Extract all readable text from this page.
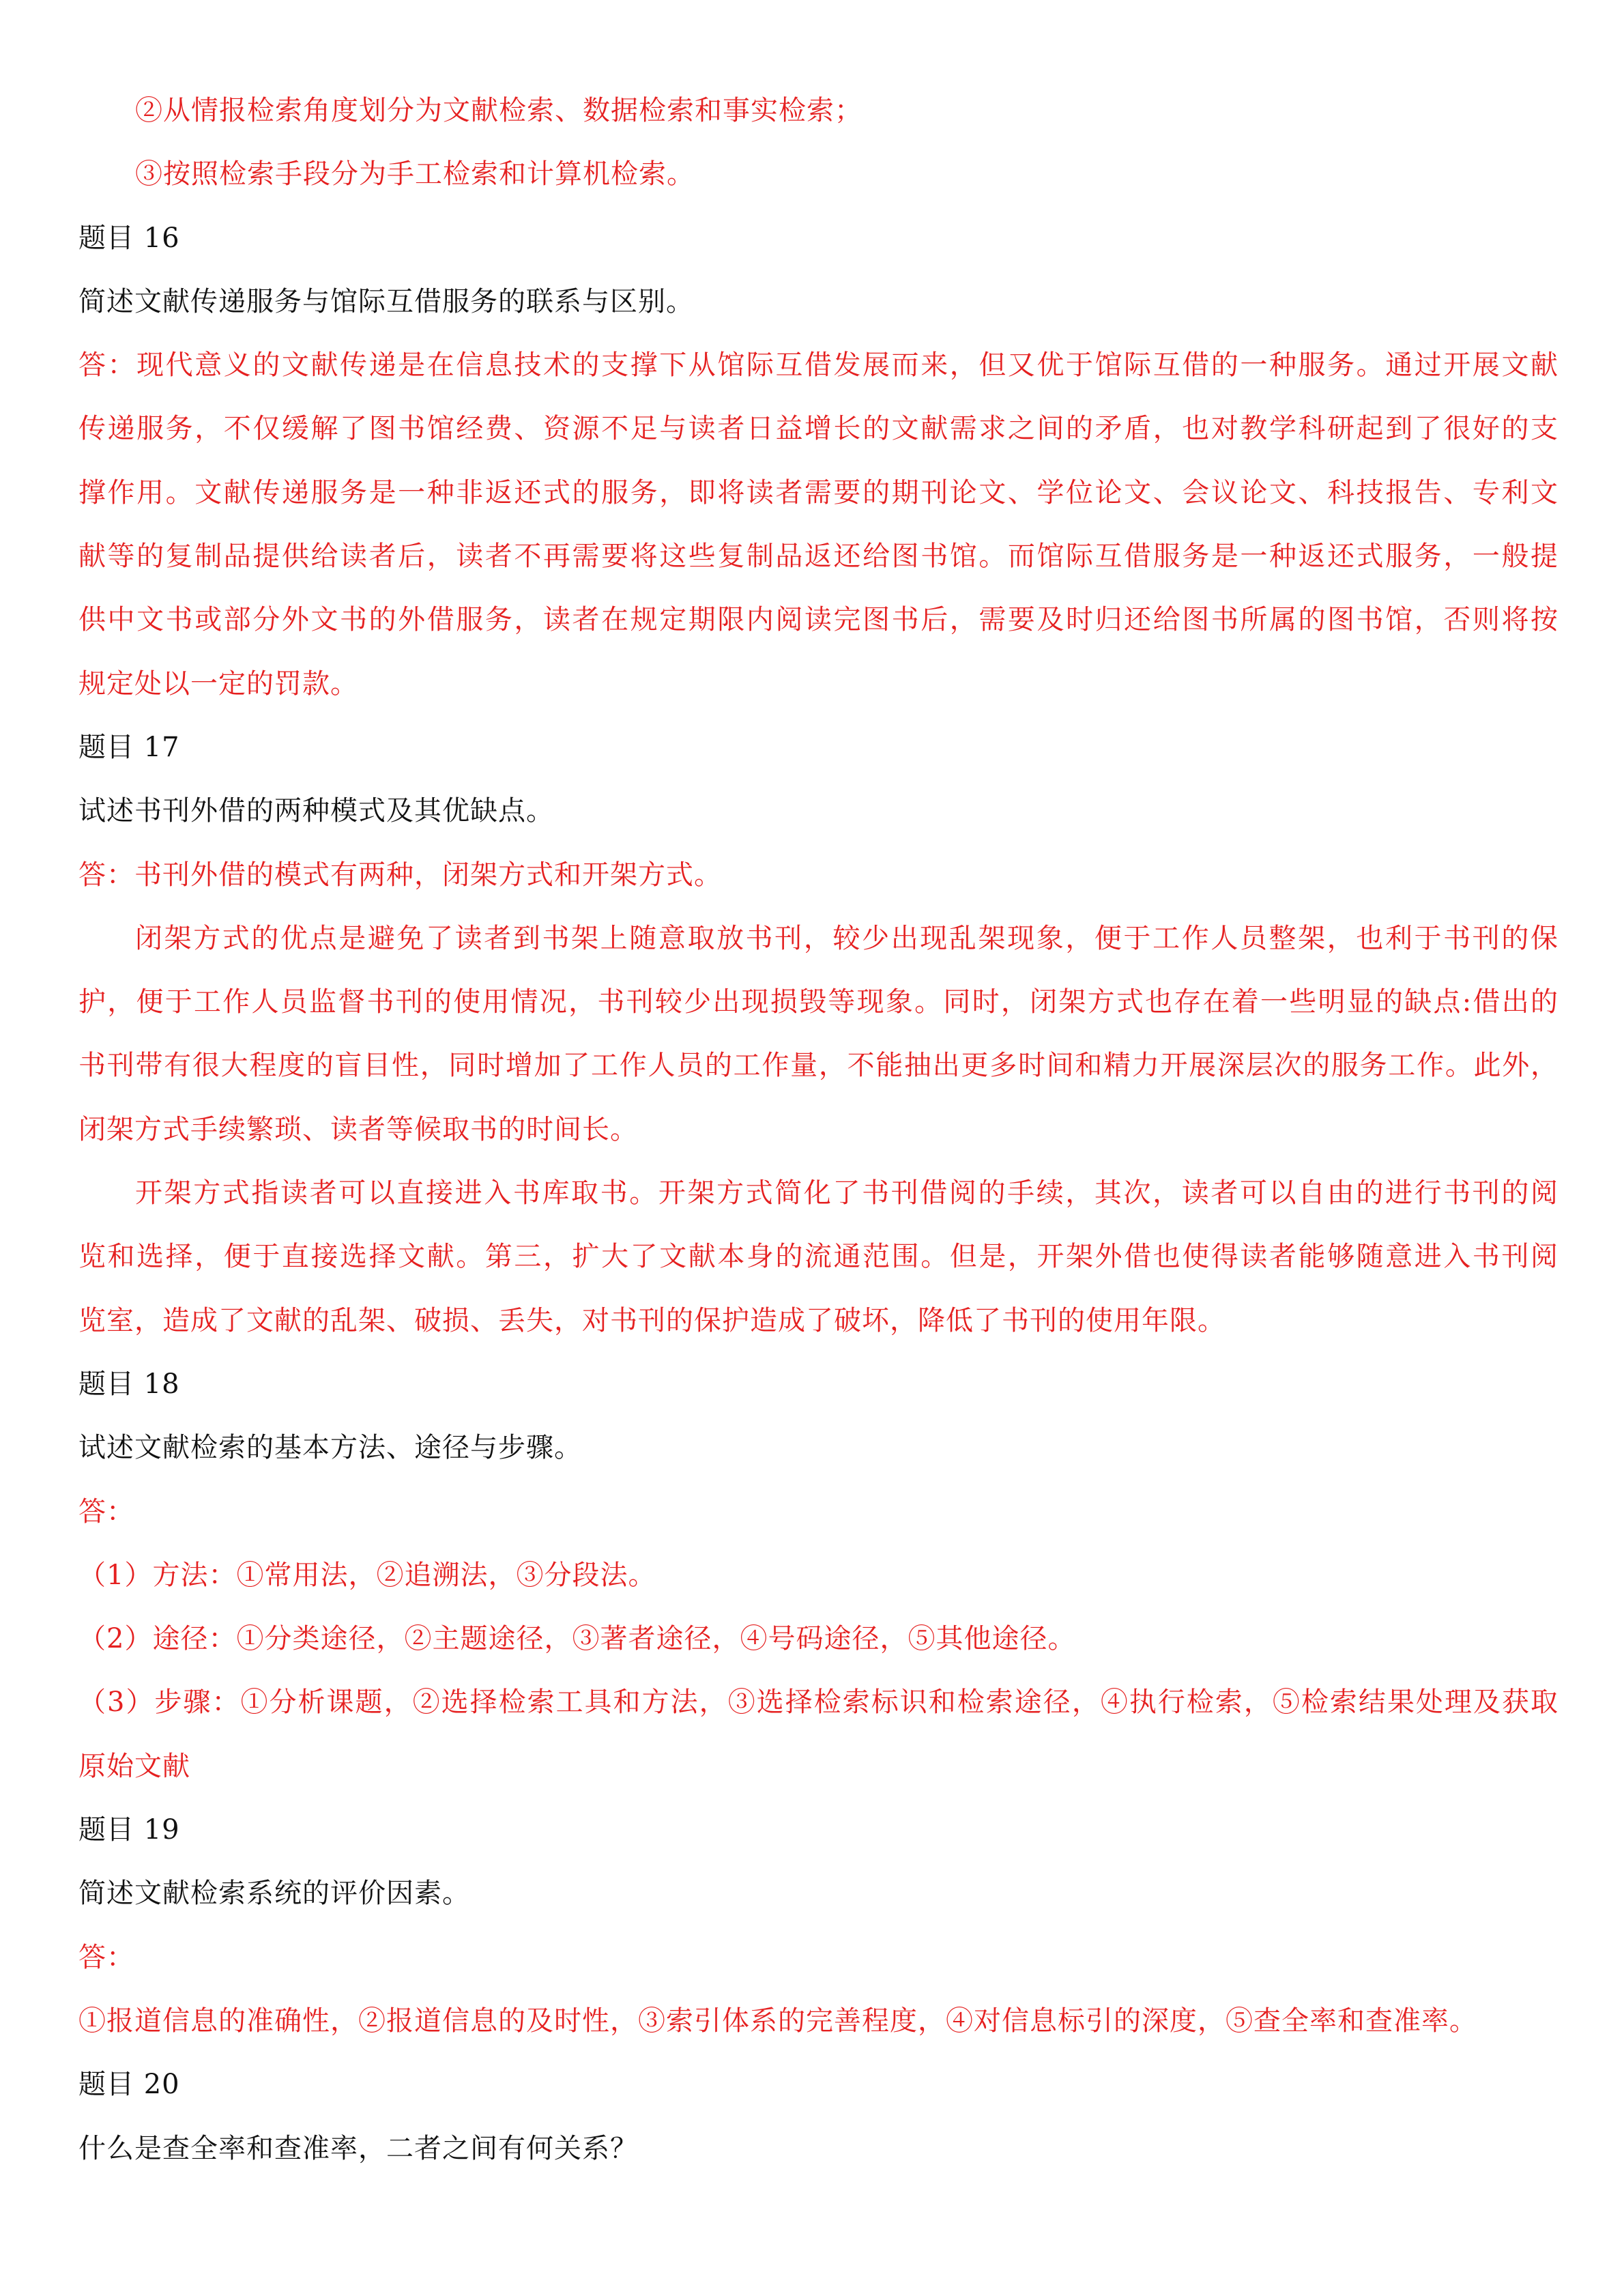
②从情报检索角度划分为文献检索、数据检索和事实检索；
③按照检索手段分为手工检索和计算机检索。
题目 16
简述文献传递服务与馆际互借服务的联系与区别。
答：现代意义的文献传递是在信息技术的支撑下从馆际互借发展而来，但又优于馆际互借的一种服务。通过开展文献
传递服务，不仅缓解了图书馆经费、资源不足与读者日益增长的文献需求之间的矛盾，也对教学科研起到了很好的支
撑作用。文献传递服务是一种非返还式的服务，即将读者需要的期刊论文、学位论文、会议论文、科技报告、专利文
献等的复制品提供给读者后，读者不再需要将这些复制品返还给图书馆。而馆际互借服务是一种返还式服务，一般提
供中文书或部分外文书的外借服务，读者在规定期限内阅读完图书后，需要及时归还给图书所属的图书馆，否则将按
规定处以一定的罚款。
题目 17
试述书刊外借的两种模式及其优缺点。
答：书刊外借的模式有两种，闭架方式和开架方式。
闭架方式的优点是避免了读者到书架上随意取放书刊，较少出现乱架现象，便于工作人员整架，也利于书刊的保
护，便于工作人员监督书刊的使用情况，书刊较少出现损毁等现象。同时，闭架方式也存在着一些明显的缺点:借出的
书刊带有很大程度的盲目性，同时增加了工作人员的工作量，不能抽出更多时间和精力开展深层次的服务工作。此外，
闭架方式手续繁琐、读者等候取书的时间长。
开架方式指读者可以直接进入书库取书。开架方式简化了书刊借阅的手续，其次，读者可以自由的进行书刊的阅
览和选择，便于直接选择文献。第三，扩大了文献本身的流通范围。但是，开架外借也使得读者能够随意进入书刊阅
览室，造成了文献的乱架、破损、丢失，对书刊的保护造成了破坏，降低了书刊的使用年限。
题目 18
试述文献检索的基本方法、途径与步骤。
答：
（1）方法：①常用法，②追溯法，③分段法。
（2）途径：①分类途径，②主题途径，③著者途径，④号码途径，⑤其他途径。
（3）步骤：①分析课题，②选择检索工具和方法，③选择检索标识和检索途径，④执行检索，⑤检索结果处理及获取
原始文献
题目 19
简述文献检索系统的评价因素。
答：
①报道信息的准确性，②报道信息的及时性，③索引体系的完善程度，④对信息标引的深度，⑤查全率和查准率。
题目 20
什么是查全率和查准率，二者之间有何关系？
